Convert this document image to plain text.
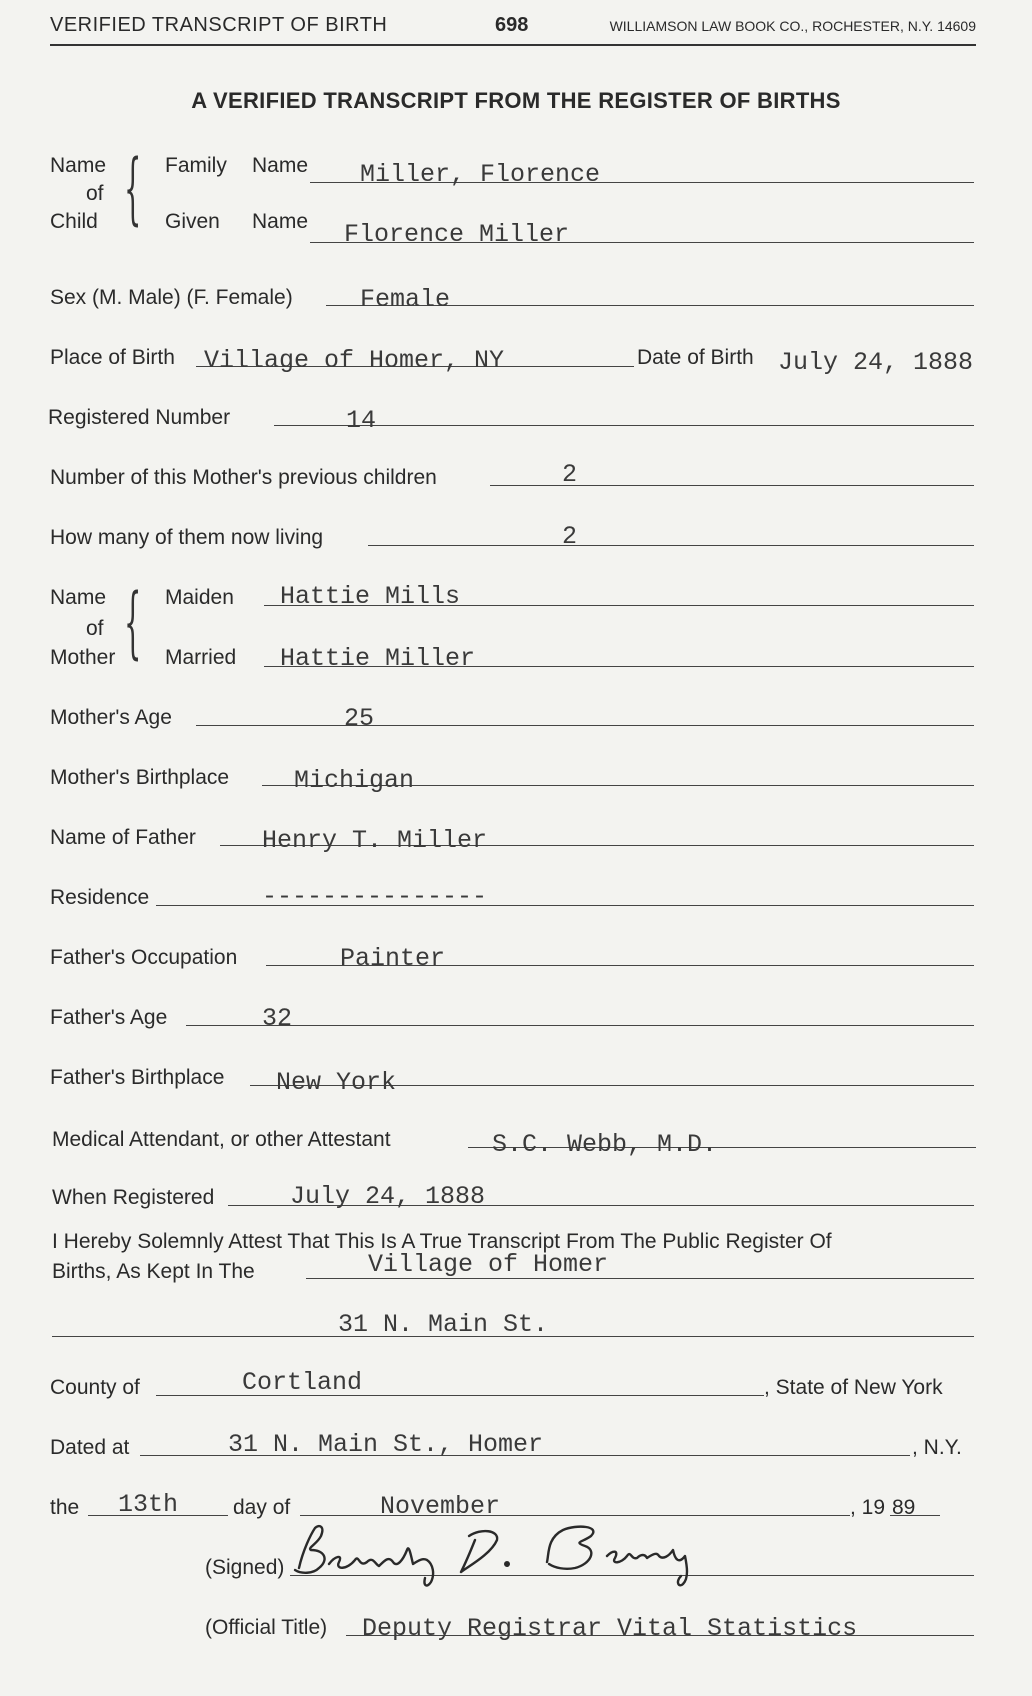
VERIFIED TRANSCRIPT OF BIRTH	698	WILLIAMSON LAW BOOK CO., ROCHESTER, N.Y. 14609
A VERIFIED TRANSCRIPT FROM THE REGISTER OF BIRTHS
Name
of
Child { Family Name Miller, Florence
Given Name Florence Miller
Sex (M. Male) (F. Female)	Female
Place of Birth Village of Homer, NY	Date of Birth July 24, 1888
Registered Number	14
Number of this Mother's previous children	2
How many of them now living	2
Name
of
Mother { Maiden Hattie Mills
Married Hattie Miller
Mother's Age	25
Mother's Birthplace	Michigan
Name of Father	Henry T. Miller
Residence	---------------
Father's Occupation	Painter
Father's Age	32
Father's Birthplace New York
Medical Attendant, or other Attestant	S.C. Webb, M.D.
When Registered	July 24, 1888
I Hereby Solemnly Attest That This Is A True Transcript From The Public Register Of
Births, As Kept In The	Village of Homer
31 N. Main St.
County of	Cortland	, State of New York
Dated at	31 N. Main St., Homer	, N.Y.
the 13th	day of	November	, 19 89
(Signed)
(Official Title) Deputy Registrar Vital Statistics
